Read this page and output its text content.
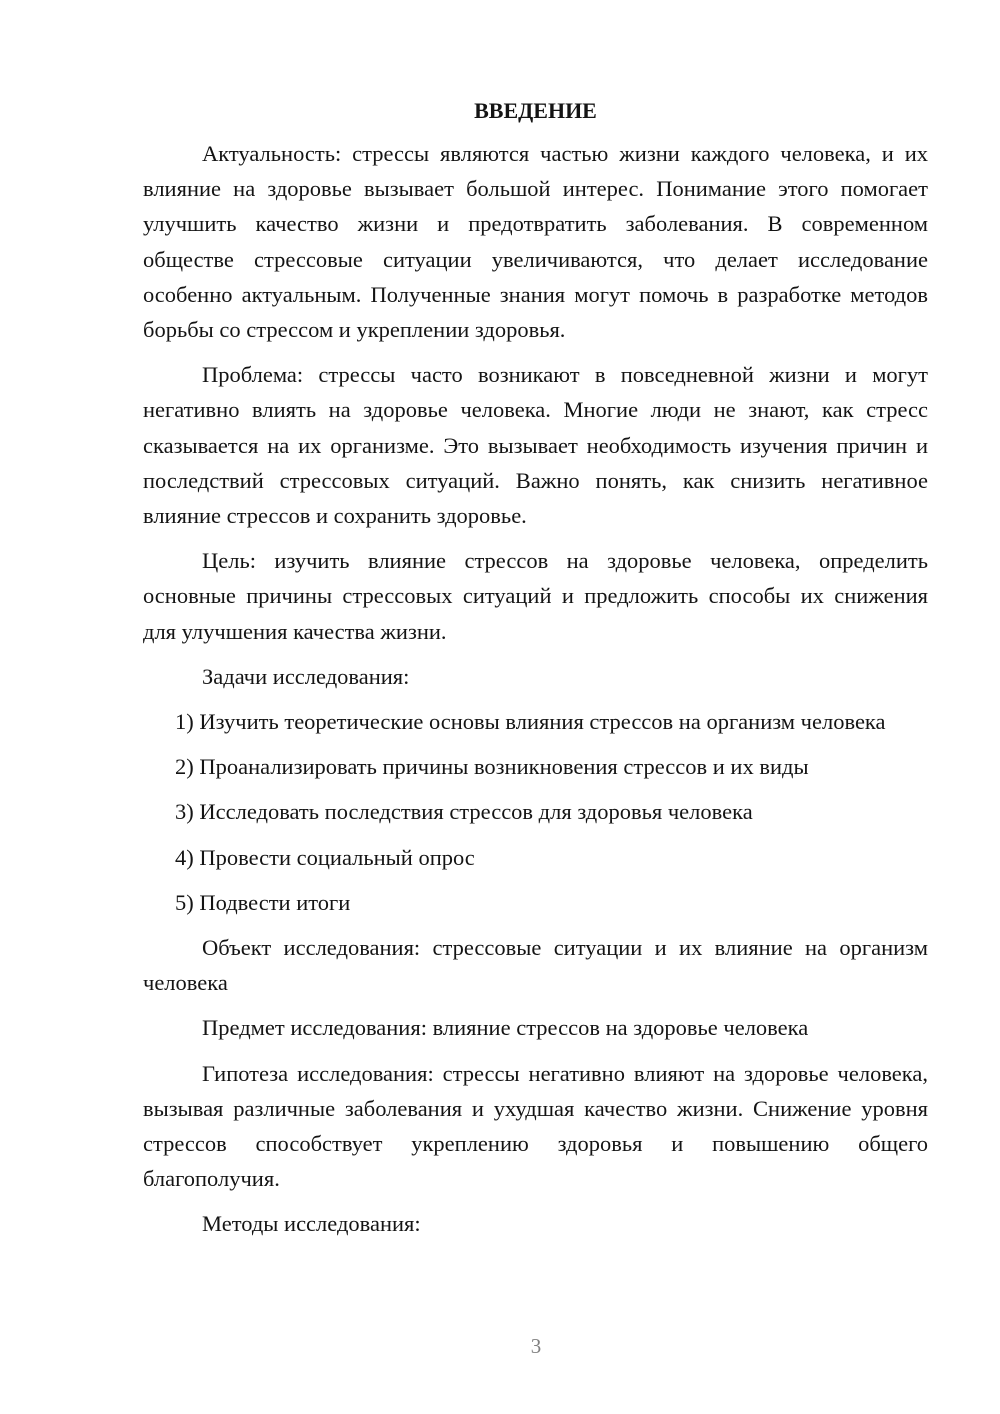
ВВЕДЕНИЕ

Актуальность: стрессы являются частью жизни каждого человека, и их влияние на здоровье вызывает большой интерес. Понимание этого помогает улучшить качество жизни и предотвратить заболевания. В современном обществе стрессовые ситуации увеличиваются, что делает исследование особенно актуальным. Полученные знания могут помочь в разработке методов борьбы со стрессом и укреплении здоровья.

Проблема: стрессы часто возникают в повседневной жизни и могут негативно влиять на здоровье человека. Многие люди не знают, как стресс сказывается на их организме. Это вызывает необходимость изучения причин и последствий стрессовых ситуаций. Важно понять, как снизить негативное влияние стрессов и сохранить здоровье.

Цель: изучить влияние стрессов на здоровье человека, определить основные причины стрессовых ситуаций и предложить способы их снижения для улучшения качества жизни.

Задачи исследования:

1) Изучить теоретические основы влияния стрессов на организм человека

2) Проанализировать причины возникновения стрессов и их виды

3) Исследовать последствия стрессов для здоровья человека

4) Провести социальный опрос

5) Подвести итоги

Объект исследования: стрессовые ситуации и их влияние на организм человека

Предмет исследования: влияние стрессов на здоровье человека

Гипотеза исследования: стрессы негативно влияют на здоровье человека, вызывая различные заболевания и ухудшая качество жизни. Снижение уровня стрессов способствует укреплению здоровья и повышению общего благополучия.

Методы исследования:

3
